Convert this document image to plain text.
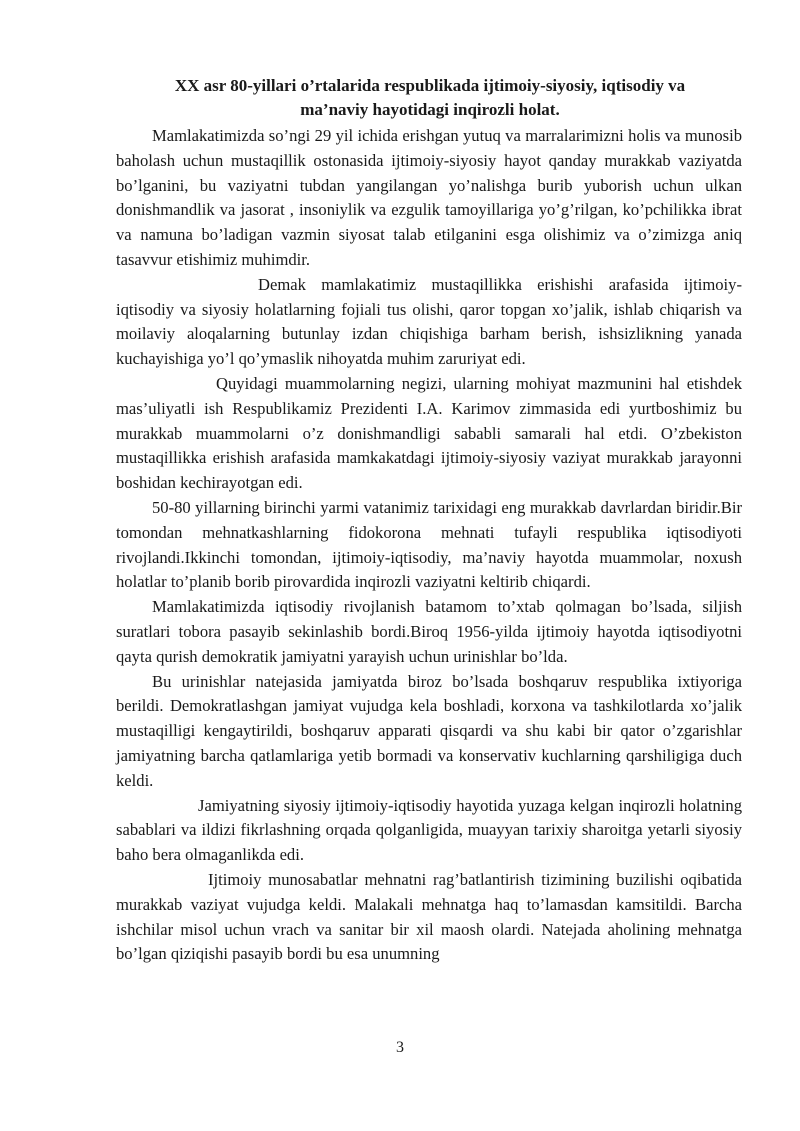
XX asr 80-yillari o’rtalarida respublikada ijtimoiy-siyosiy, iqtisodiy va
ma’naviy hayotidagi inqirozli holat.

Mamlakatimizda so’ngi 29 yil ichida erishgan yutuq va marralarimizni holis va munosib baholash uchun mustaqillik ostonasida ijtimoiy-siyosiy hayot qanday murakkab vaziyatda bo’lganini, bu vaziyatni tubdan yangilangan yo’nalishga burib yuborish uchun ulkan donishmandlik va jasorat , insoniylik va ezgulik tamoyillariga yo’g’rilgan, ko’pchilikka ibrat va namuna bo’ladigan vazmin siyosat talab etilganini esga olishimiz va o’zimizga aniq tasavvur etishimiz muhimdir.

Demak mamlakatimiz mustaqillikka erishishi arafasida ijtimoiy-iqtisodiy va siyosiy holatlarning fojiali tus olishi, qaror topgan xo’jalik, ishlab chiqarish va moilaviy aloqalarning butunlay izdan chiqishiga barham berish, ishsizlikning yanada kuchayishiga yo’l qo’ymaslik nihoyatda muhim zaruriyat edi.

Quyidagi muammolarning negizi, ularning mohiyat mazmunini hal etishdek mas’uliyatli ish Respublikamiz Prezidenti I.A. Karimov zimmasida edi yurtboshimiz bu murakkab muammolarni o’z donishmandligi sababli samarali hal etdi. O’zbekiston mustaqillikka erishish arafasida mamkakatdagi ijtimoiy-siyosiy vaziyat murakkab jarayonni boshidan kechirayotgan edi.

50-80 yillarning birinchi yarmi vatanimiz tarixidagi eng murakkab davrlardan biridir.Bir tomondan mehnatkashlarning fidokorona mehnati tufayli respublika iqtisodiyoti rivojlandi.Ikkinchi tomondan, ijtimoiy-iqtisodiy, ma’naviy hayotda muammolar, noxush holatlar to’planib borib pirovardida inqirozli vaziyatni keltirib chiqardi.

Mamlakatimizda iqtisodiy rivojlanish batamom to’xtab qolmagan bo’lsada, siljish suratlari tobora pasayib sekinlashib bordi.Biroq 1956-yilda ijtimoiy hayotda iqtisodiyotni qayta qurish demokratik jamiyatni yarayish uchun urinishlar bo’lda.

Bu urinishlar natejasida jamiyatda biroz bo’lsada boshqaruv respublika ixtiyoriga berildi. Demokratlashgan jamiyat vujudga kela boshladi, korxona va tashkilotlarda xo’jalik mustaqilligi kengaytirildi, boshqaruv apparati qisqardi va shu kabi bir qator o’zgarishlar jamiyatning barcha qatlamlariga yetib bormadi va konservativ kuchlarning qarshiligiga duch keldi.

Jamiyatning siyosiy ijtimoiy-iqtisodiy hayotida yuzaga kelgan inqirozli holatning sabablari va ildizi fikrlashning orqada qolganligida, muayyan tarixiy sharoitga yetarli siyosiy baho bera olmaganlikda edi.

Ijtimoiy munosabatlar mehnatni rag’batlantirish tizimining buzilishi oqibatida murakkab vaziyat vujudga keldi. Malakali mehnatga haq to’lamasdan kamsitildi. Barcha ishchilar misol uchun vrach va sanitar bir xil maosh olardi. Natejada aholining mehnatga bo’lgan qiziqishi pasayib bordi bu esa unumning

3
